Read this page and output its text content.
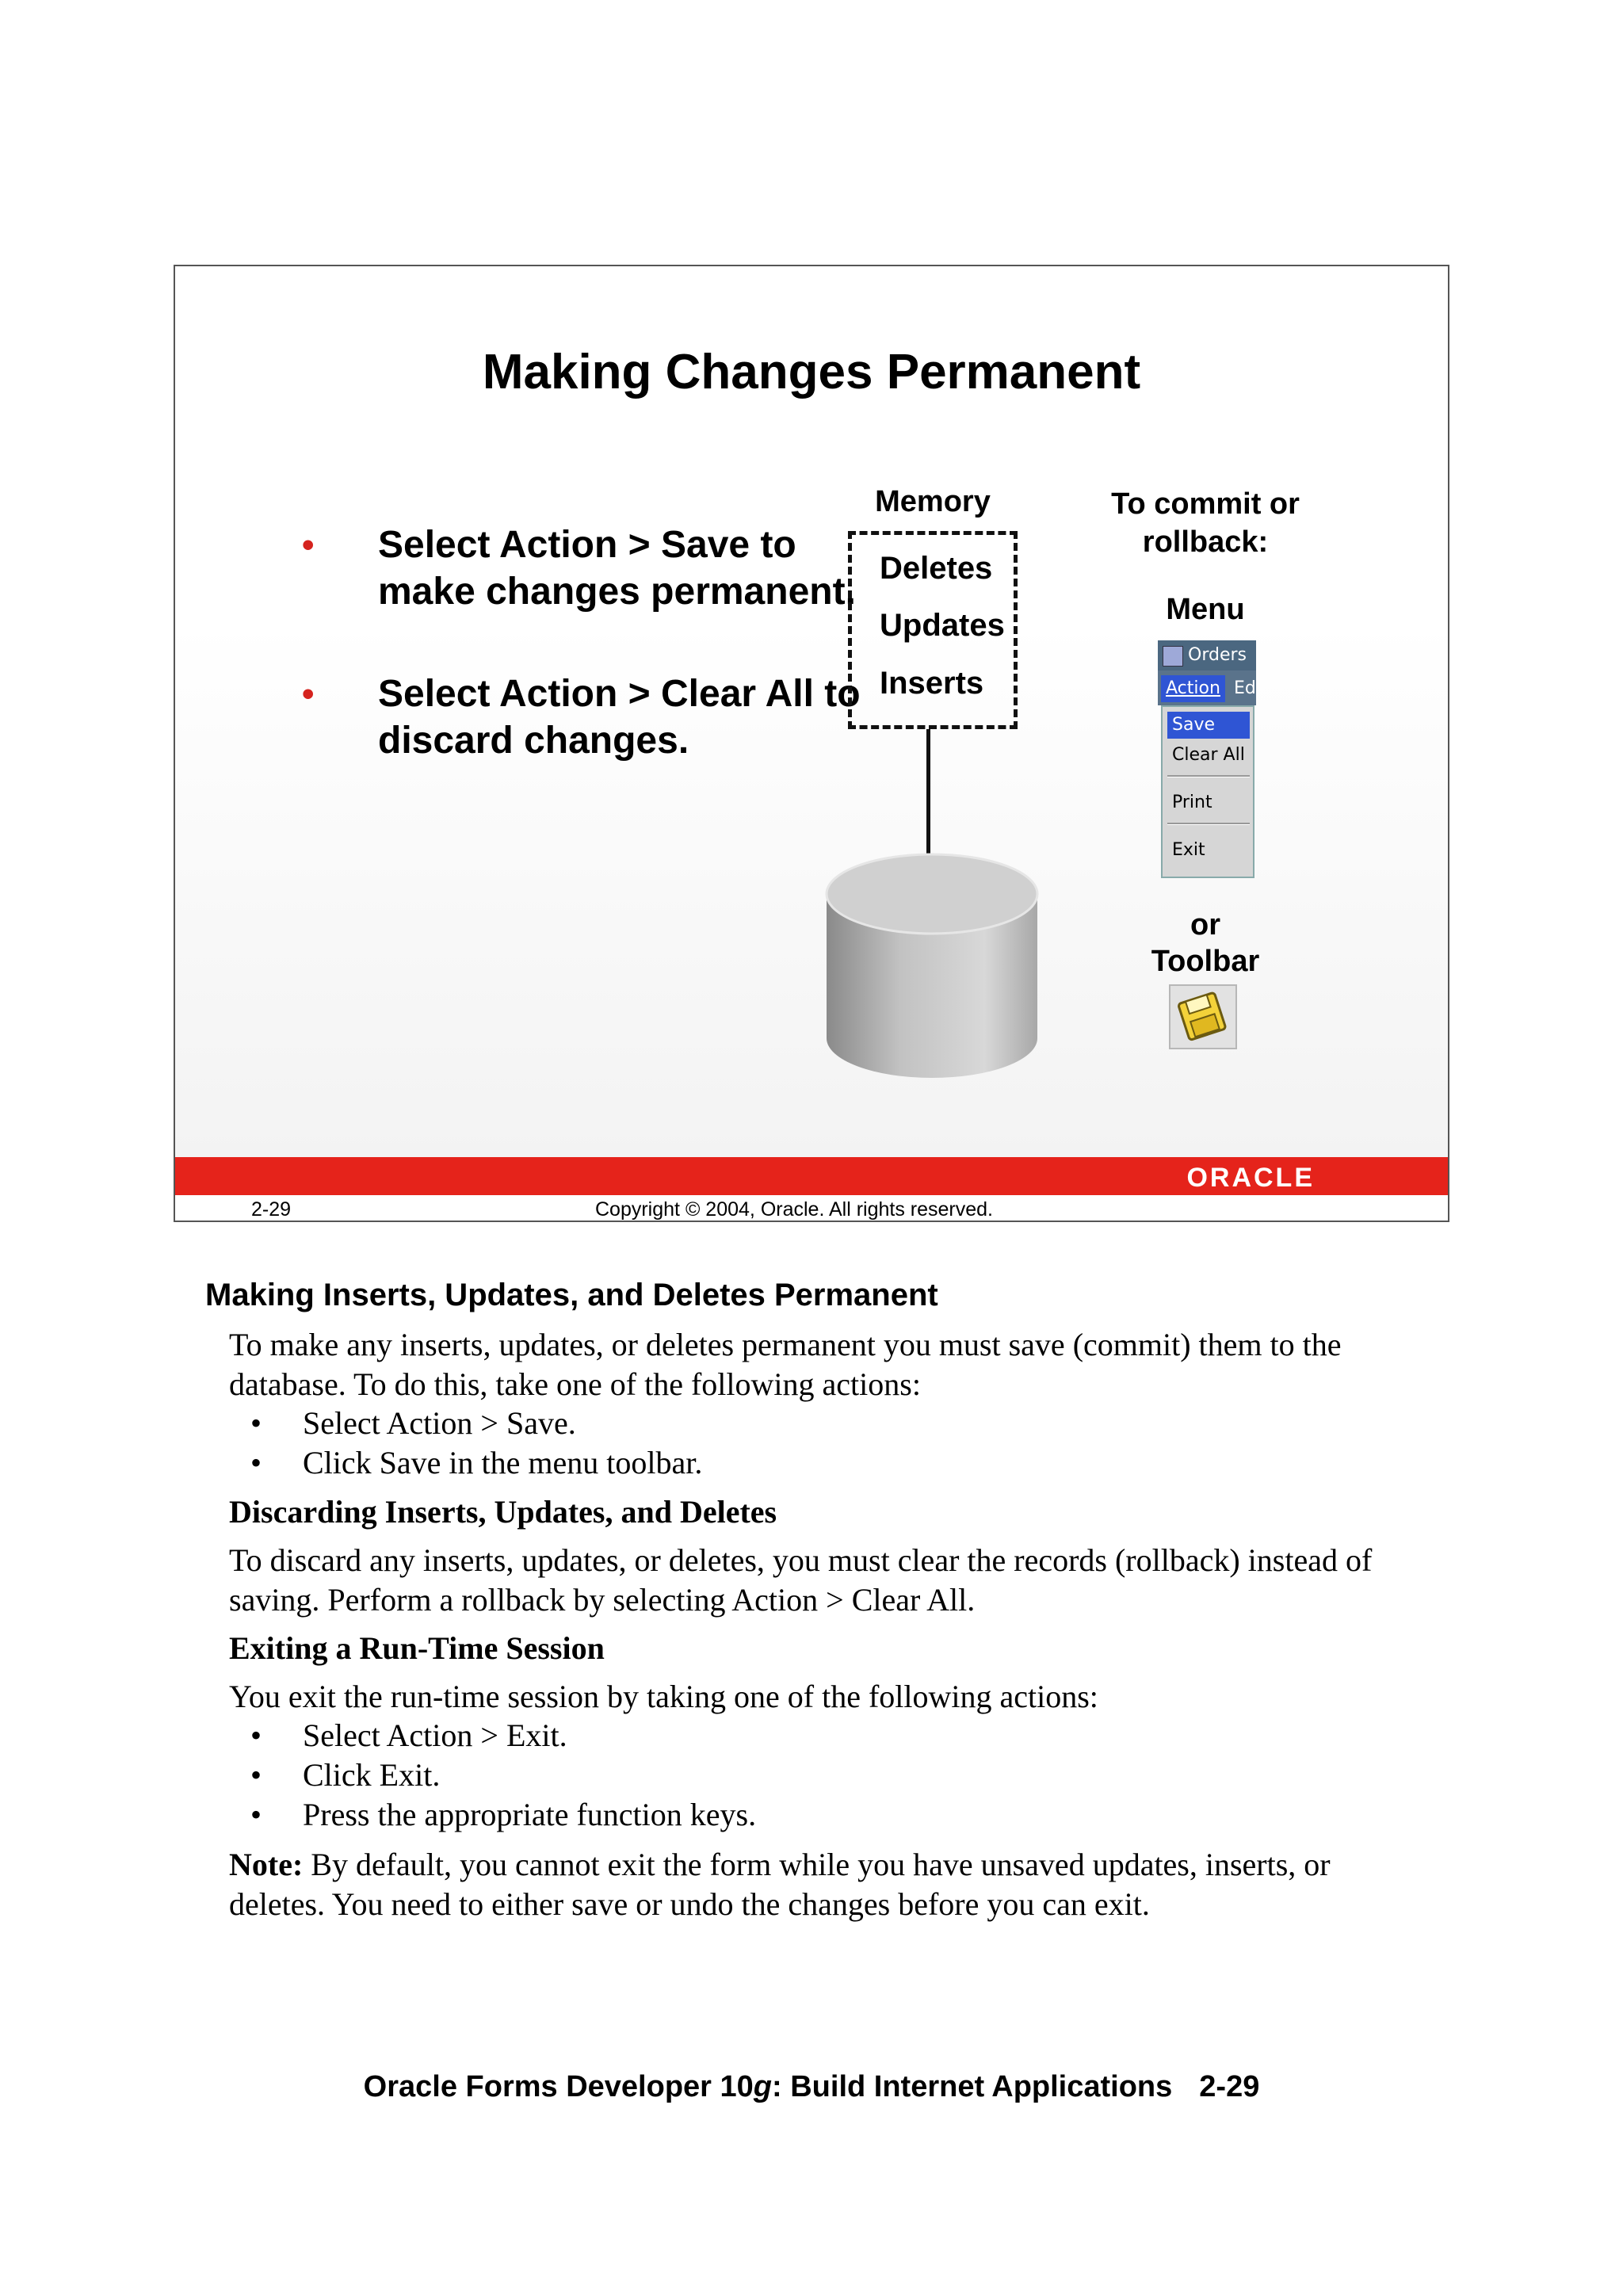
Making Changes Permanent
• Select Action > Save to make changes permanent.
• Select Action > Clear All to discard changes.
Memory
Deletes
Updates
Inserts
To commit or rollback:
Menu
Orders
Action Ed
Save
Clear All
Print
Exit
or
Toolbar
ORACLE
2-29	Copyright © 2004, Oracle. All rights reserved.
Making Inserts, Updates, and Deletes Permanent
To make any inserts, updates, or deletes permanent you must save (commit) them to the
database. To do this, take one of the following actions:
• Select Action > Save.
• Click Save in the menu toolbar.
Discarding Inserts, Updates, and Deletes
To discard any inserts, updates, or deletes, you must clear the records (rollback) instead of
saving. Perform a rollback by selecting Action > Clear All.
Exiting a Run-Time Session
You exit the run-time session by taking one of the following actions:
• Select Action > Exit.
• Click Exit.
• Press the appropriate function keys.
Note: By default, you cannot exit the form while you have unsaved updates, inserts, or
deletes. You need to either save or undo the changes before you can exit.
Oracle Forms Developer 10g: Build Internet Applications 2-29
